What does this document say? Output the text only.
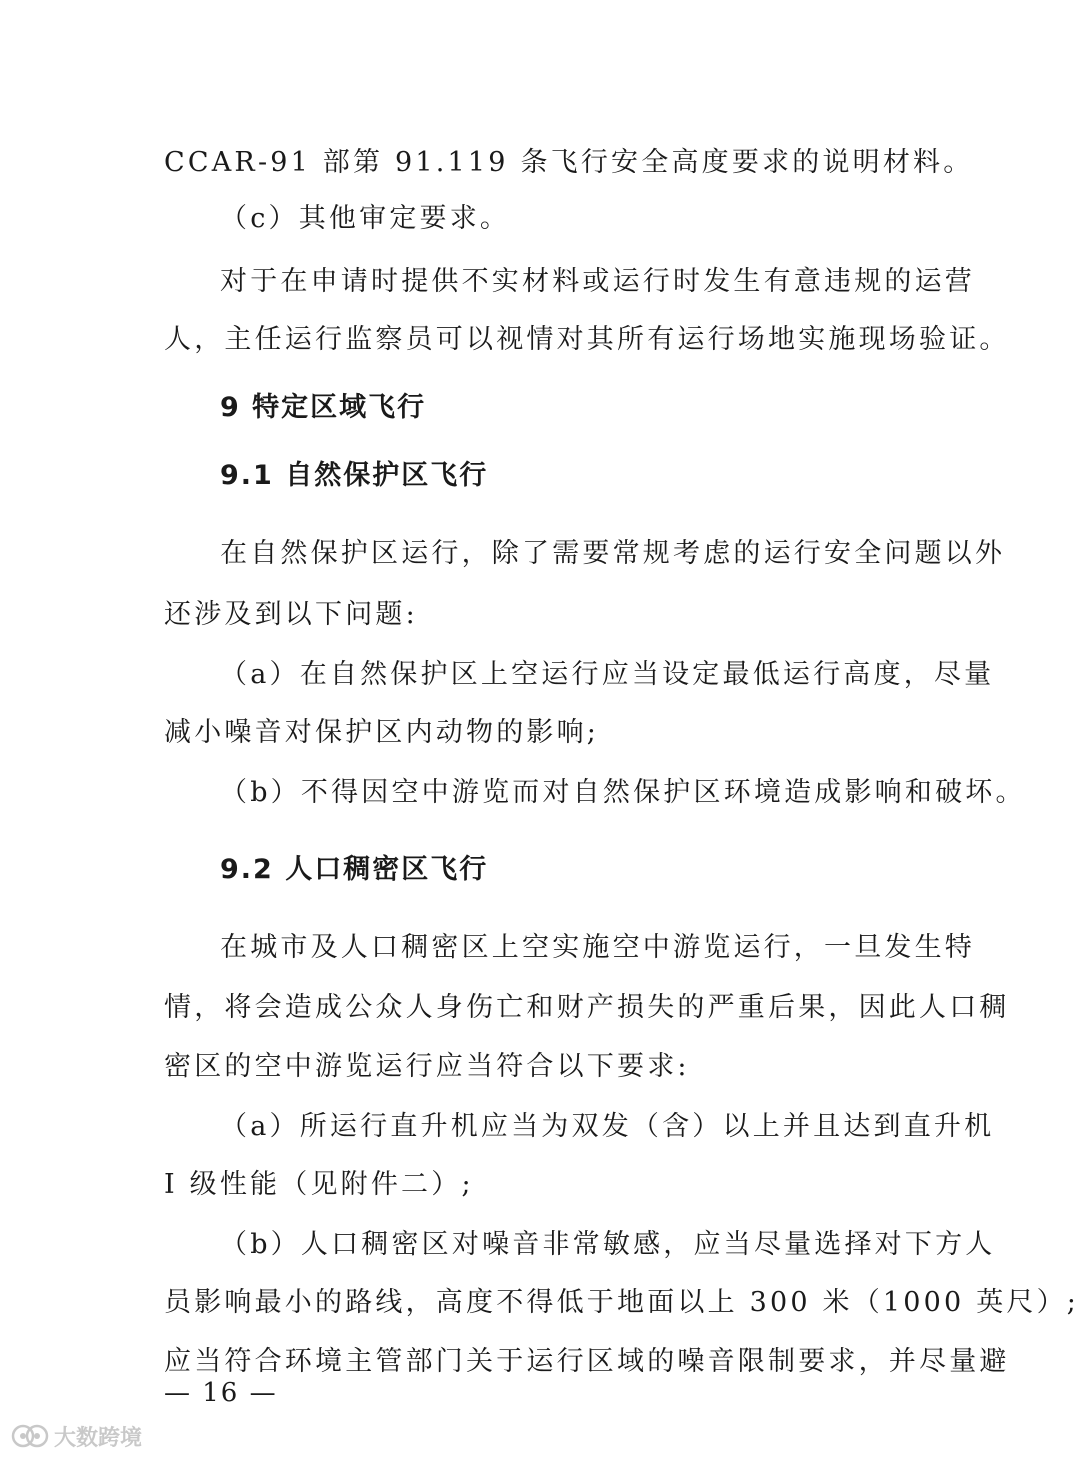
CCAR-91 部第 91.119 条飞行安全高度要求的说明材料。
（c）其他审定要求。
对于在申请时提供不实材料或运行时发生有意违规的运营
人，主任运行监察员可以视情对其所有运行场地实施现场验证。
9 特定区域飞行
9.1 自然保护区飞行
在自然保护区运行，除了需要常规考虑的运行安全问题以外
还涉及到以下问题:
（a）在自然保护区上空运行应当设定最低运行高度，尽量
减小噪音对保护区内动物的影响;
（b）不得因空中游览而对自然保护区环境造成影响和破坏。
9.2 人口稠密区飞行
在城市及人口稠密区上空实施空中游览运行，一旦发生特
情，将会造成公众人身伤亡和财产损失的严重后果，因此人口稠
密区的空中游览运行应当符合以下要求:
（a）所运行直升机应当为双发（含）以上并且达到直升机
I 级性能（见附件二）;
（b）人口稠密区对噪音非常敏感，应当尽量选择对下方人
员影响最小的路线，高度不得低于地面以上 300 米（1000 英尺）;
应当符合环境主管部门关于运行区域的噪音限制要求，并尽量避
— 16 —
大数跨境
